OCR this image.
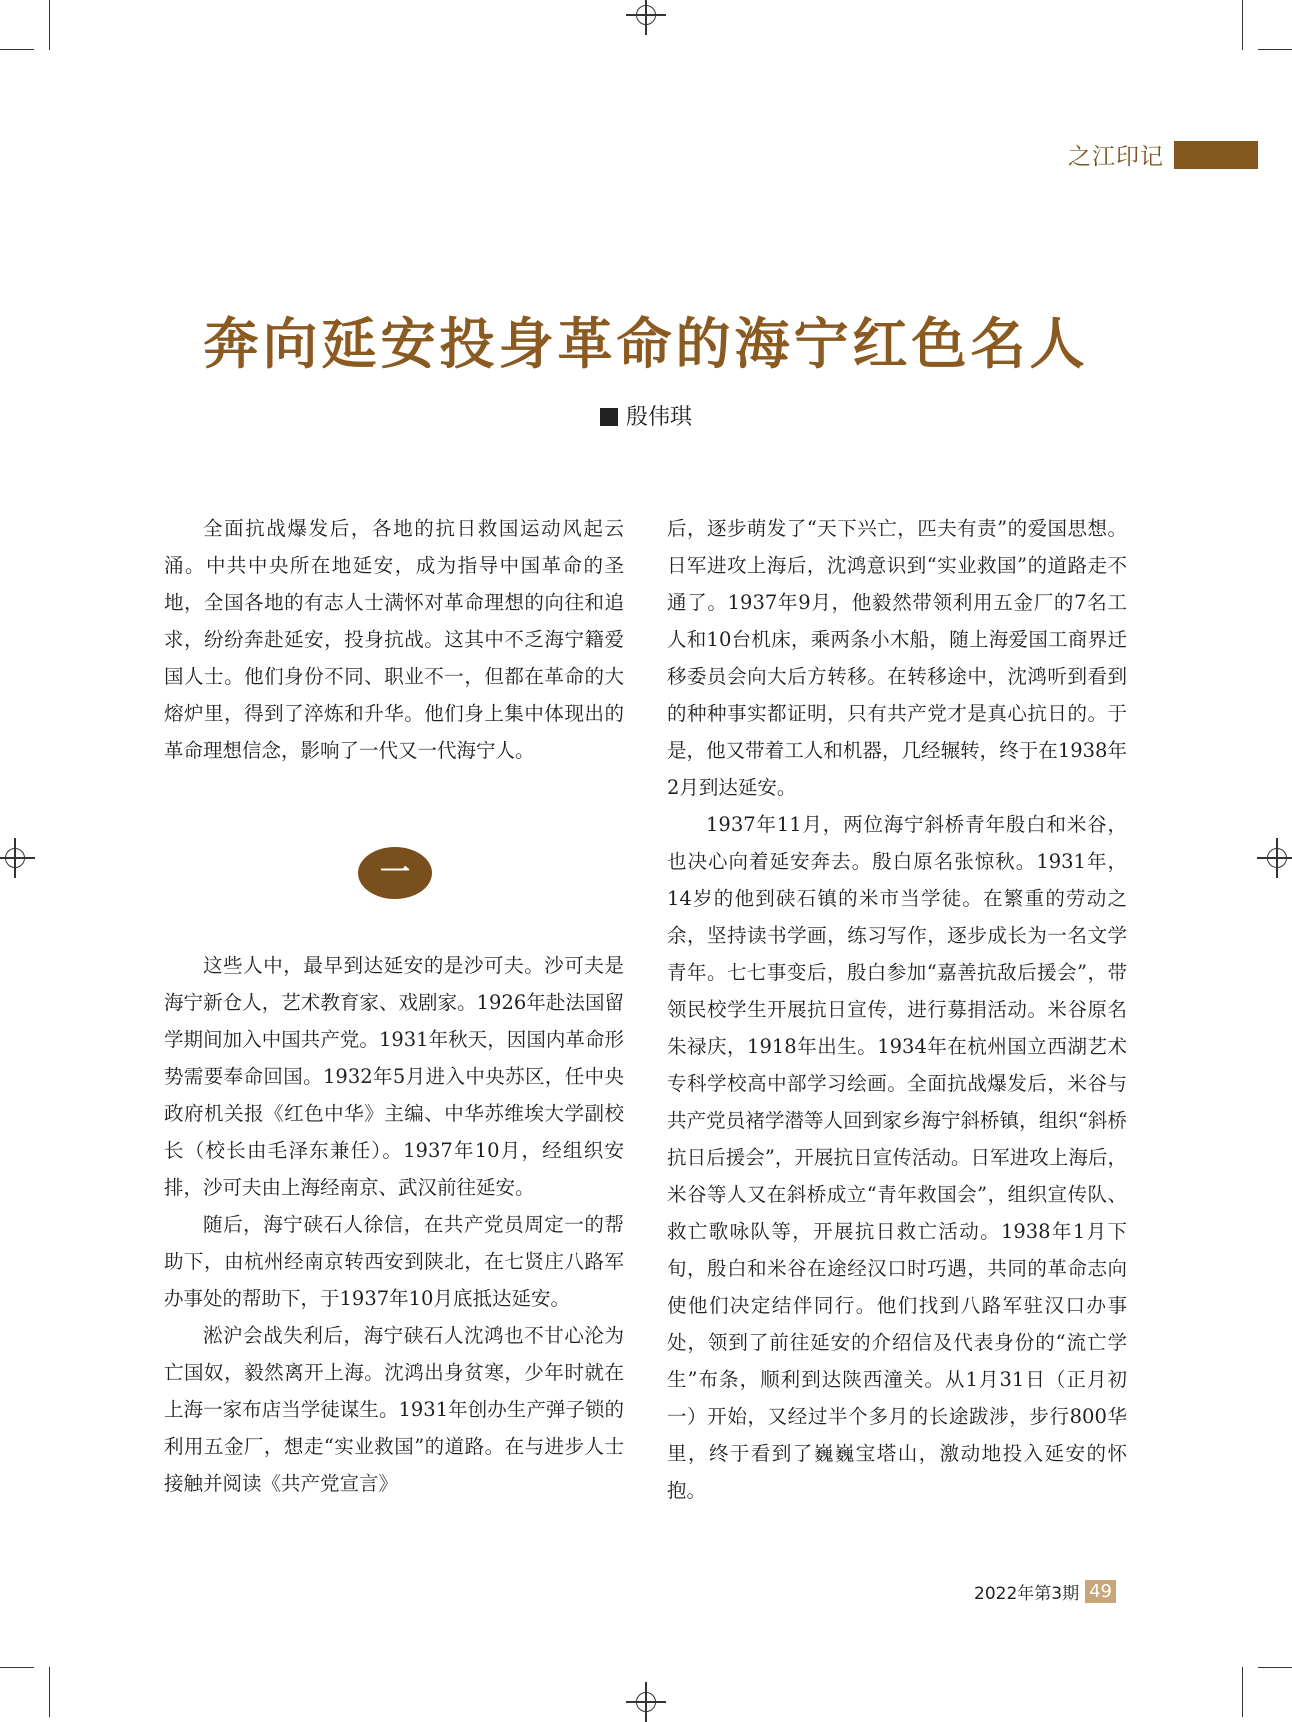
之江印记
奔向延安投身革命的海宁红色名人
殷伟琪

全面抗战爆发后，各地的抗日救国运动风起云涌。中共中央所在地延安，成为指导中国革命的圣地，全国各地的有志人士满怀对革命理想的向往和追求，纷纷奔赴延安，投身抗战。这其中不乏海宁籍爱国人士。他们身份不同、职业不一，但都在革命的大熔炉里，得到了淬炼和升华。他们身上集中体现出的革命理想信念，影响了一代又一代海宁人。

一

这些人中，最早到达延安的是沙可夫。沙可夫是海宁新仓人，艺术教育家、戏剧家。1926年赴法国留学期间加入中国共产党。1931年秋天，因国内革命形势需要奉命回国。1932年5月进入中央苏区，任中央政府机关报《红色中华》主编、中华苏维埃大学副校长（校长由毛泽东兼任）。1937年10月，经组织安排，沙可夫由上海经南京、武汉前往延安。

随后，海宁硖石人徐信，在共产党员周定一的帮助下，由杭州经南京转西安到陕北，在七贤庄八路军办事处的帮助下，于1937年10月底抵达延安。

淞沪会战失利后，海宁硖石人沈鸿也不甘心沦为亡国奴，毅然离开上海。沈鸿出身贫寒，少年时就在上海一家布店当学徒谋生。1931年创办生产弹子锁的利用五金厂，想走“实业救国”的道路。在与进步人士接触并阅读《共产党宣言》

后，逐步萌发了“天下兴亡，匹夫有责”的爱国思想。日军进攻上海后，沈鸿意识到“实业救国”的道路走不通了。1937年9月，他毅然带领利用五金厂的7名工人和10台机床，乘两条小木船，随上海爱国工商界迁移委员会向大后方转移。在转移途中，沈鸿听到看到的种种事实都证明，只有共产党才是真心抗日的。于是，他又带着工人和机器，几经辗转，终于在1938年2月到达延安。

1937年11月，两位海宁斜桥青年殷白和米谷，也决心向着延安奔去。殷白原名张惊秋。1931年，14岁的他到硖石镇的米市当学徒。在繁重的劳动之余，坚持读书学画，练习写作，逐步成长为一名文学青年。七七事变后，殷白参加“嘉善抗敌后援会”，带领民校学生开展抗日宣传，进行募捐活动。米谷原名朱禄庆，1918年出生。1934年在杭州国立西湖艺术专科学校高中部学习绘画。全面抗战爆发后，米谷与共产党员褚学潜等人回到家乡海宁斜桥镇，组织“斜桥抗日后援会”，开展抗日宣传活动。日军进攻上海后，米谷等人又在斜桥成立“青年救国会”，组织宣传队、救亡歌咏队等，开展抗日救亡活动。1938年1月下旬，殷白和米谷在途经汉口时巧遇，共同的革命志向使他们决定结伴同行。他们找到八路军驻汉口办事处，领到了前往延安的介绍信及代表身份的“流亡学生”布条，顺利到达陕西潼关。从1月31日（正月初一）开始，又经过半个多月的长途跋涉，步行800华里，终于看到了巍巍宝塔山，激动地投入延安的怀抱。

2022年第3期 49
